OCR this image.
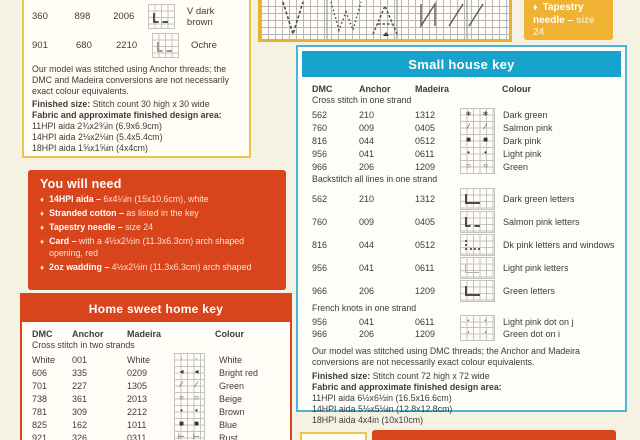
360	898	2006	V dark brown
901	680	2210	Ochre
Our model was stitched using Anchor threads; the DMC and Madeira conversions are not necessarily exact colour equivalents.
Finished size: Stitch count 30 high x 30 wide
Fabric and approximate finished design area:
11HPI aida 2¾x2¾in (6.9x6.9cm)
14HPI aida 2⅛x2⅛in (5.4x5.4cm)
18HPI aida 1⅝x1⅝in (4x4cm)
♦ Tapestry needle – size 24
You will need
♦ 14HPI aida – 6x4¼in (15x10.6cm), white
♦ Stranded cotton – as listed in the key
♦ Tapestry needle – size 24
♦ Card – with a 4½x2½in (11.3x6.3cm) arch shaped opening, red
♦ 2oz wadding – 4½x2½in (11.3x6.3cm) arch shaped
Home sweet home key
DMC	Anchor	Madeira	Colour
Cross stitch in two strands
White	001	White	·	·	White
606	335	0209	◂	◂	Bright red
701	227	1305	∕	∕	Green
738	361	2013	○	○	Beige
781	309	2212	•	•	Brown
825	162	1011	■	■	Blue
921	326	0311	⊢	⊢	Rust
Small house key
DMC	Anchor	Madeira	Colour
Cross stitch in one strand
562	210	1312	∗	∗	Dark green
760	009	0405	∕	∕	Salmon pink
816	044	0512	■	■	Dark pink
956	041	0611	•	•	Light pink
966	206	1209	○	○	Green
Backstitch all lines in one strand
562	210	1312	Dark green letters
760	009	0405	Salmon pink letters
816	044	0512	Dk pink letters and windows
956	041	0611	Light pink letters
966	206	1209	Green letters
French knots in one strand
956	041	0611	•	•	Light pink dot on j
966	206	1209	•	•	Green dot on i
Our model was stitched using DMC threads; the Anchor and Madeira conversions are not necessarily exact colour equivalents.
Finished size: Stitch count 72 high x 72 wide
Fabric and approximate finished design area:
11HPI aida 6½x6½in (16.5x16.6cm)
14HPI aida 5⅛x5⅛in (12.8x12.8cm)
18HPI aida 4x4in (10x10cm)
